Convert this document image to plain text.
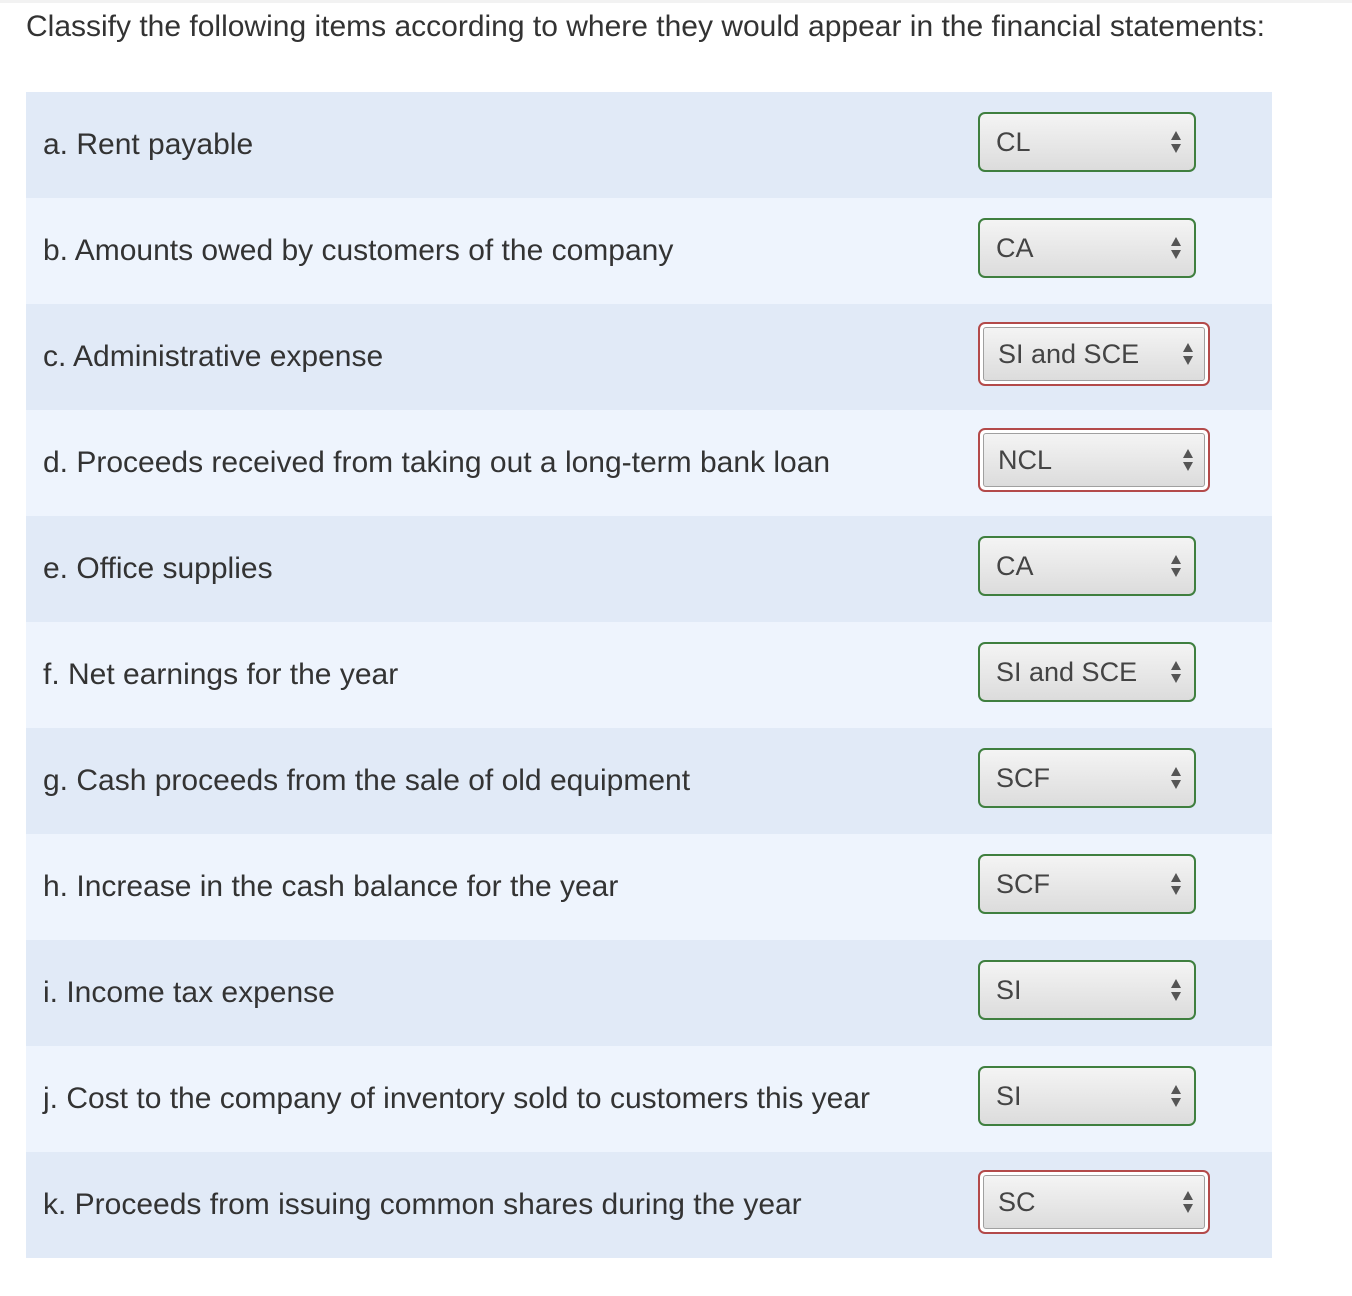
Classify the following items according to where they would appear in the financial statements:
a. Rent payable	CL
b. Amounts owed by customers of the company	CA
c. Administrative expense	SI and SCE
d. Proceeds received from taking out a long-term bank loan	NCL
e. Office supplies	CA
f. Net earnings for the year	SI and SCE
g. Cash proceeds from the sale of old equipment	SCF
h. Increase in the cash balance for the year	SCF
i. Income tax expense	SI
j. Cost to the company of inventory sold to customers this year	SI
k. Proceeds from issuing common shares during the year	SC
